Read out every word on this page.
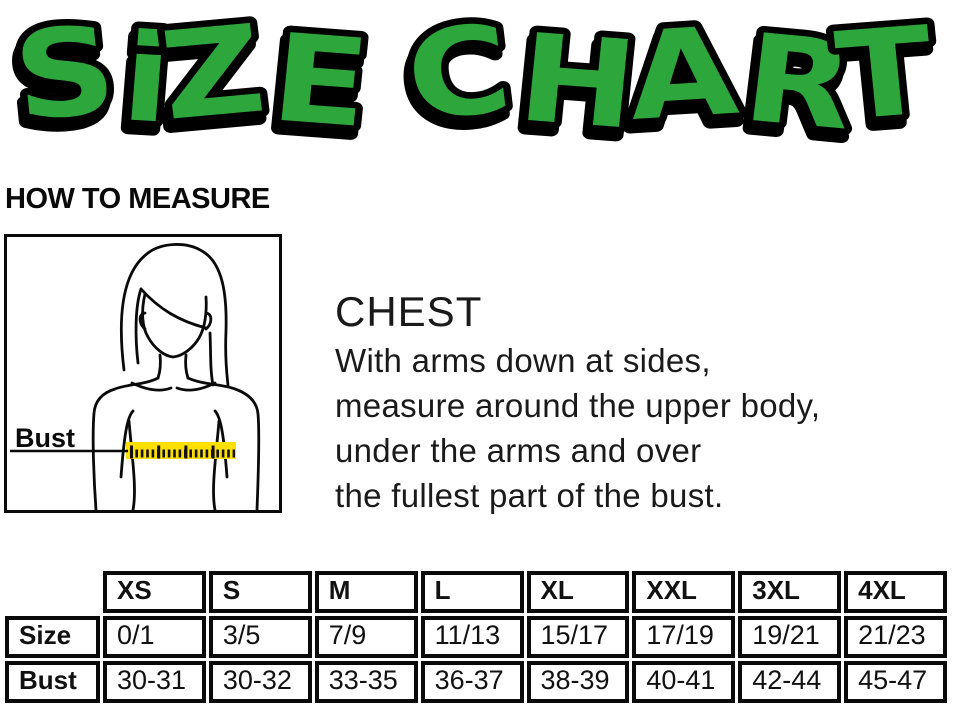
SiZE CHART
HOW TO MEASURE
Bust
CHEST
With arms down at sides,
measure around the upper body,
under the arms and over
the fullest part of the bust.
	XS	S	M	L	XL	XXL	3XL	4XL
Size	0/1	3/5	7/9	11/13	15/17	17/19	19/21	21/23
Bust	30-31	30-32	33-35	36-37	38-39	40-41	42-44	45-47
